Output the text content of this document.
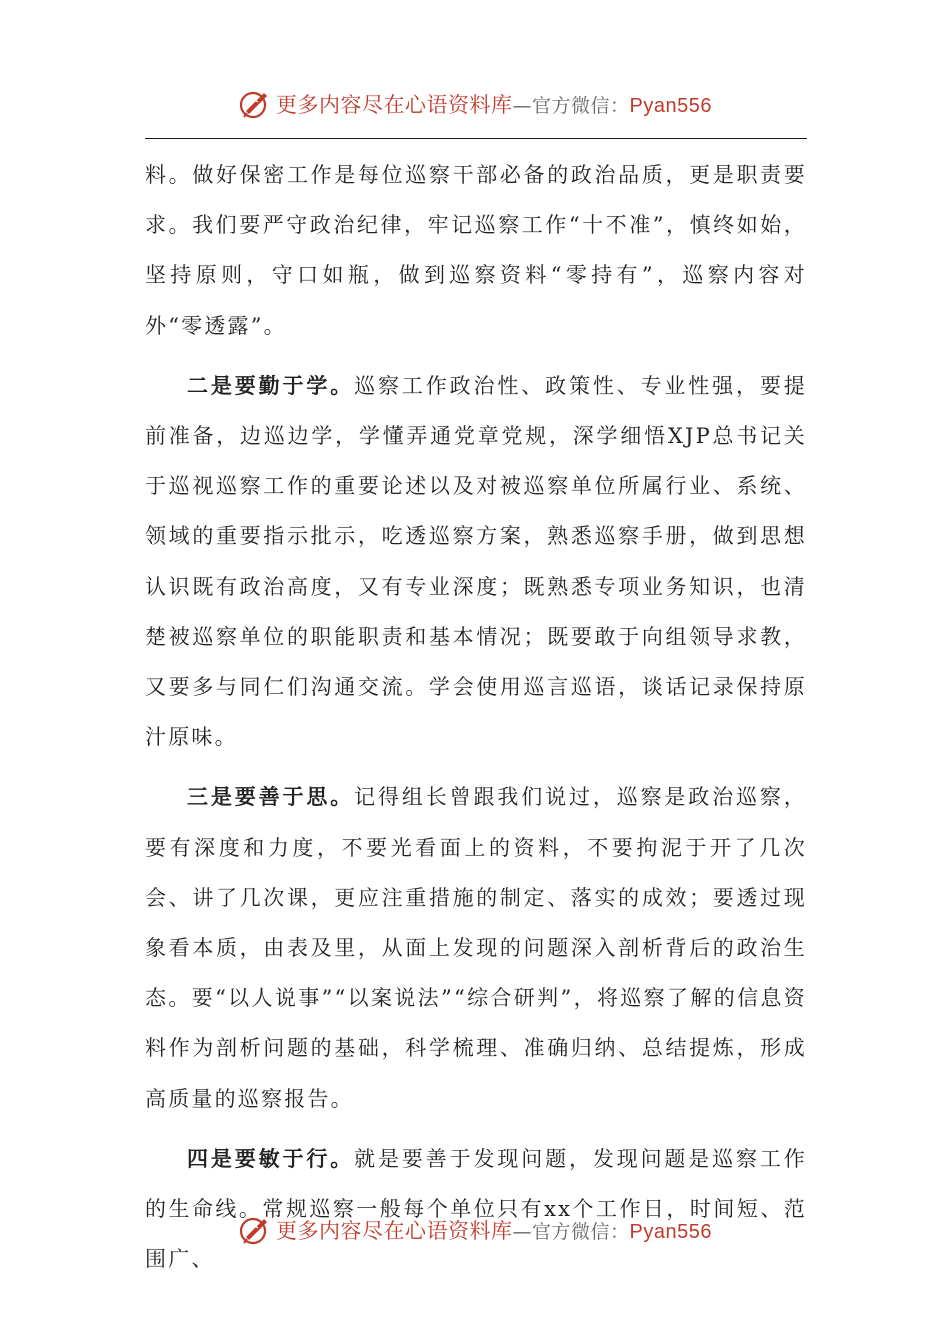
更多内容尽在心语资料库—官方微信：Pyan556

料。做好保密工作是每位巡察干部必备的政治品质，更是职责要求。我们要严守政治纪律，牢记巡察工作“十不准”，慎终如始，坚持原则，守口如瓶，做到巡察资料“零持有”，巡察内容对外“零透露”。

二是要勤于学。巡察工作政治性、政策性、专业性强，要提前准备，边巡边学，学懂弄通党章党规，深学细悟XJP总书记关于巡视巡察工作的重要论述以及对被巡察单位所属行业、系统、领域的重要指示批示，吃透巡察方案，熟悉巡察手册，做到思想认识既有政治高度，又有专业深度；既熟悉专项业务知识，也清楚被巡察单位的职能职责和基本情况；既要敢于向组领导求教，又要多与同仁们沟通交流。学会使用巡言巡语，谈话记录保持原汁原味。

三是要善于思。记得组长曾跟我们说过，巡察是政治巡察，要有深度和力度，不要光看面上的资料，不要拘泥于开了几次会、讲了几次课，更应注重措施的制定、落实的成效；要透过现象看本质，由表及里，从面上发现的问题深入剖析背后的政治生态。要“以人说事”“以案说法”“综合研判”，将巡察了解的信息资料作为剖析问题的基础，科学梳理、准确归纳、总结提炼，形成高质量的巡察报告。

四是要敏于行。就是要善于发现问题，发现问题是巡察工作的生命线。常规巡察一般每个单位只有xx个工作日，时间短、范围广、

更多内容尽在心语资料库—官方微信：Pyan556
